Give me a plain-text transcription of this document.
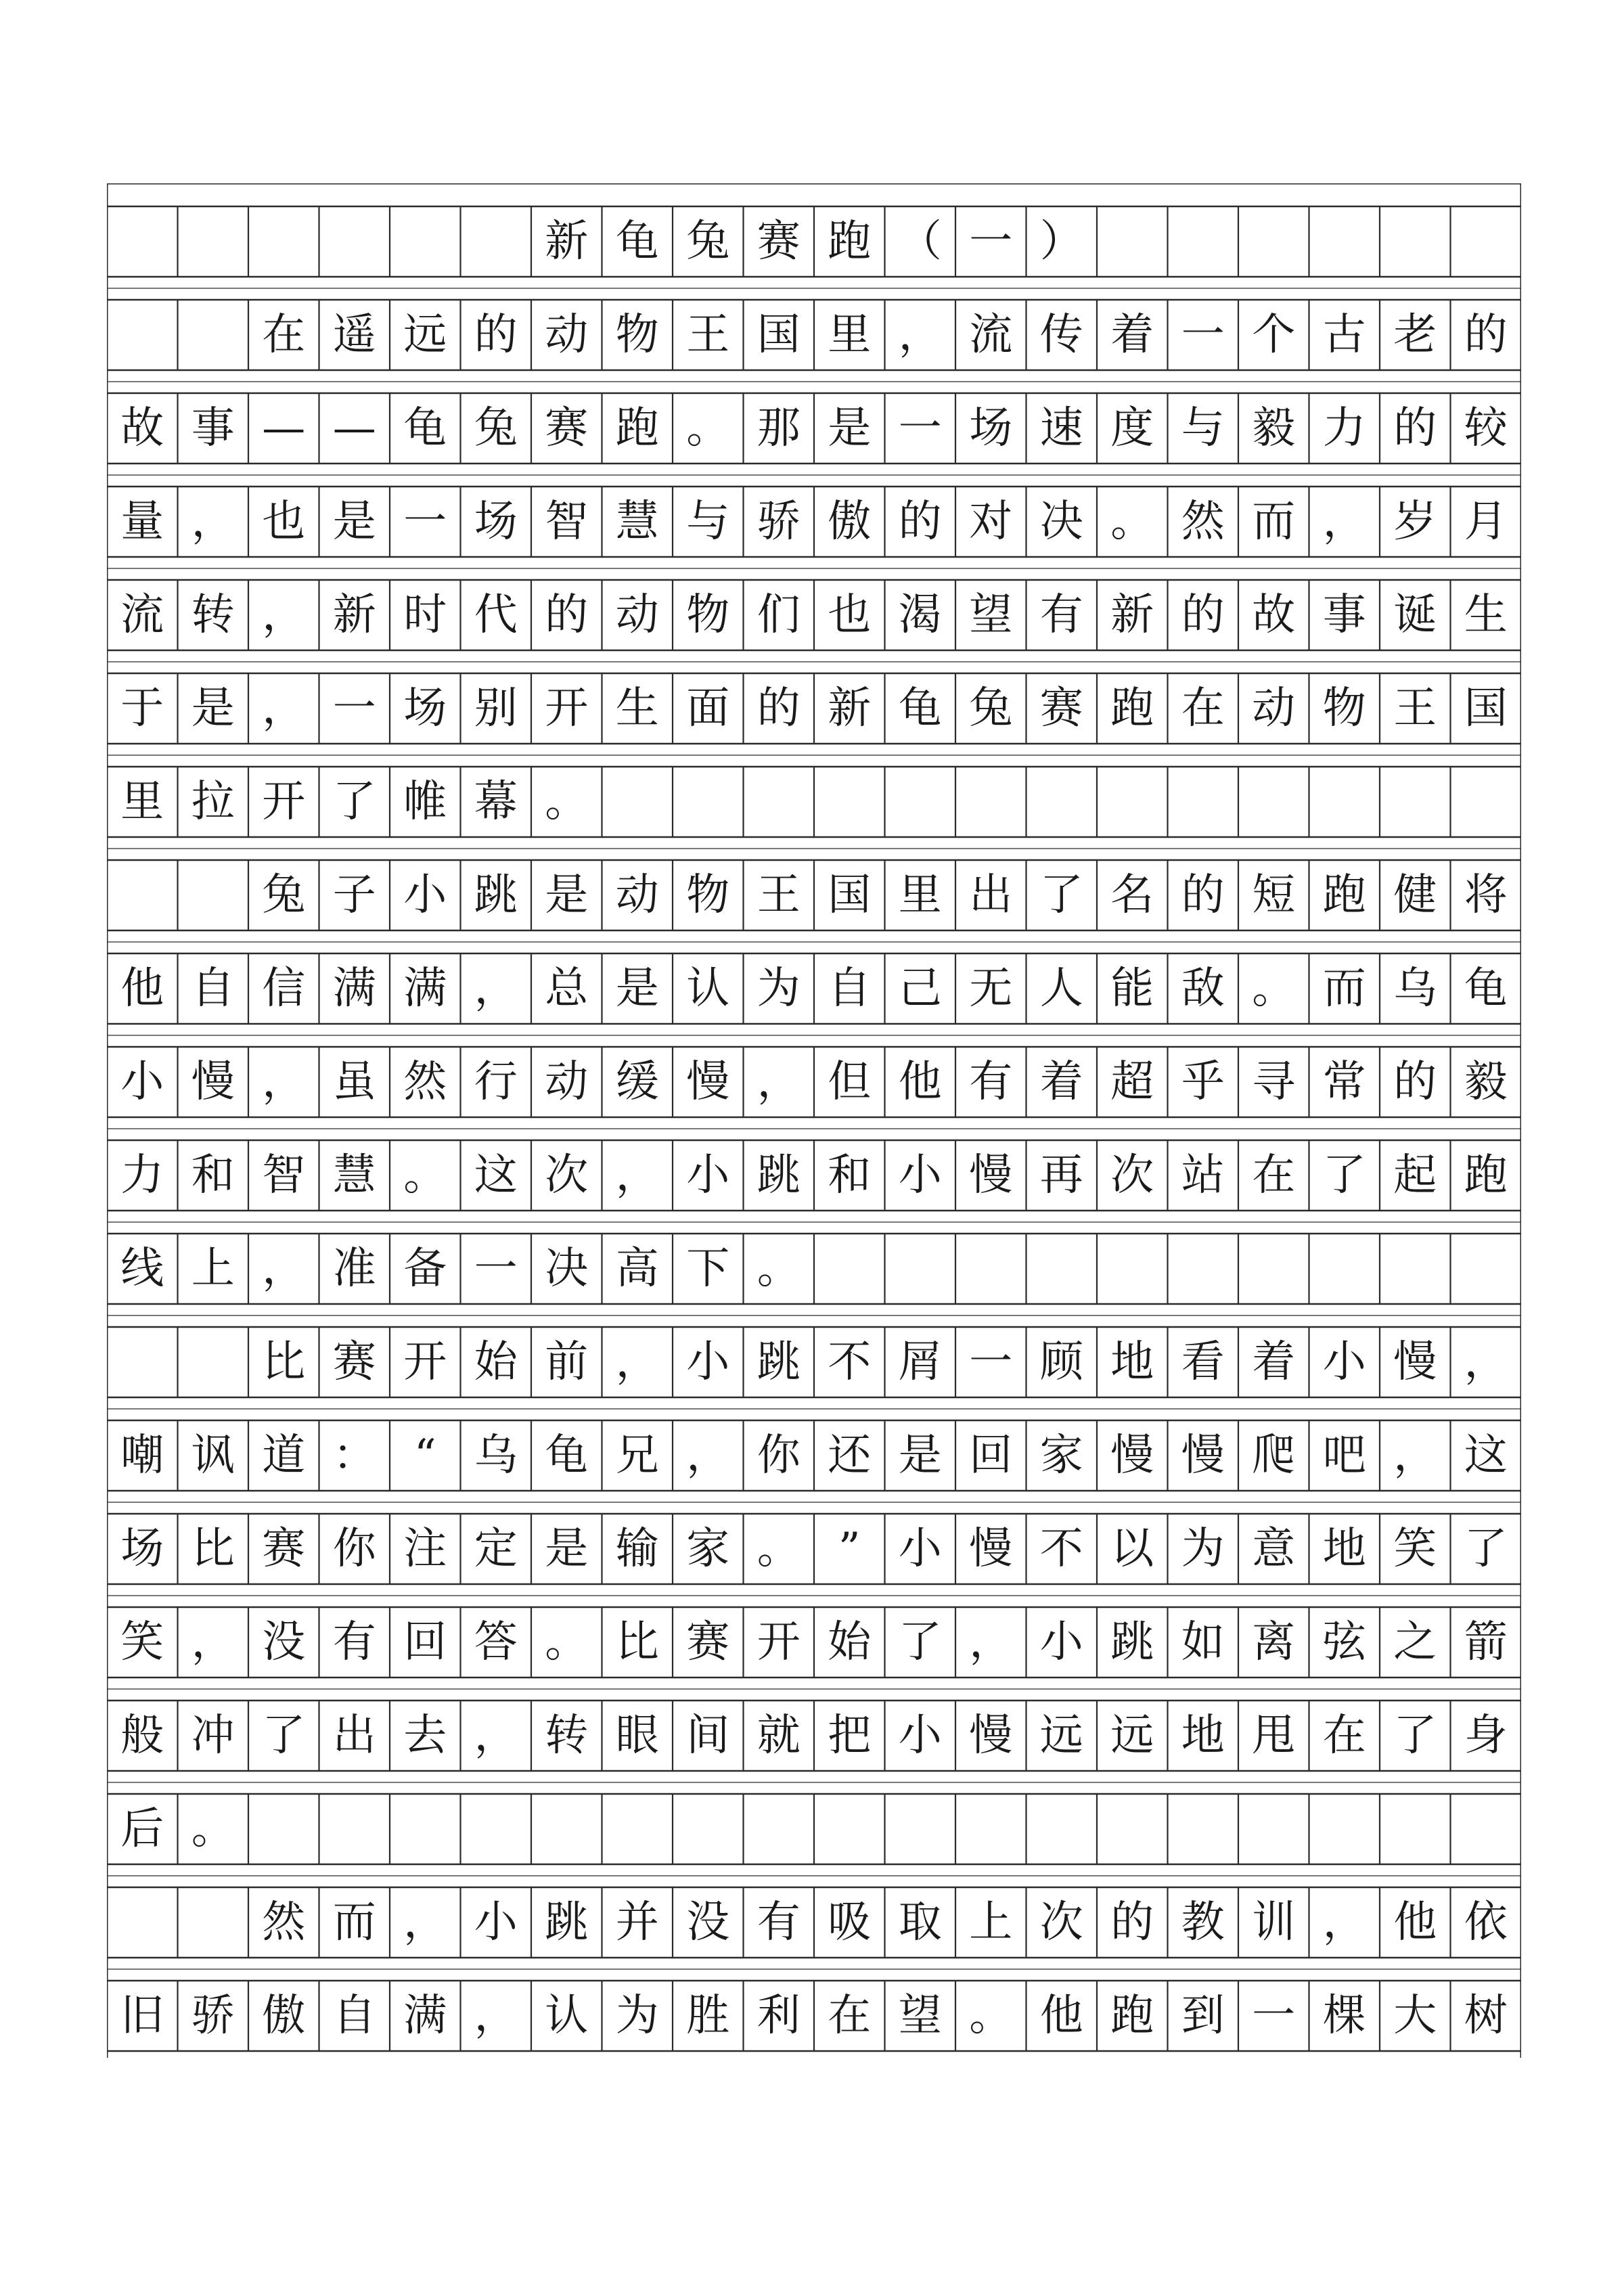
新 龟 兔 赛 跑 （ 一 ）
在 遥 远 的 动 物 王 国 里 ， 流 传 着 一 个 古 老 的
故 事 — — 龟 兔 赛 跑 。 那 是 一 场 速 度 与 毅 力 的 较
量 ， 也 是 一 场 智 慧 与 骄 傲 的 对 决 。 然 而 ， 岁 月
流 转 ， 新 时 代 的 动 物 们 也 渴 望 有 新 的 故 事 诞 生
于 是 ， 一 场 别 开 生 面 的 新 龟 兔 赛 跑 在 动 物 王 国
里 拉 开 了 帷 幕 。
兔 子 小 跳 是 动 物 王 国 里 出 了 名 的 短 跑 健 将
他 自 信 满 满 ， 总 是 认 为 自 己 无 人 能 敌 。 而 乌 龟
小 慢 ， 虽 然 行 动 缓 慢 ， 但 他 有 着 超 乎 寻 常 的 毅
力 和 智 慧 。 这 次 ， 小 跳 和 小 慢 再 次 站 在 了 起 跑
线 上 ， 准 备 一 决 高 下 。
比 赛 开 始 前 ， 小 跳 不 屑 一 顾 地 看 着 小 慢 ，
嘲 讽 道 ： “ 乌 龟 兄 ， 你 还 是 回 家 慢 慢 爬 吧 ， 这
场 比 赛 你 注 定 是 输 家 。 ” 小 慢 不 以 为 意 地 笑 了
笑 ， 没 有 回 答 。 比 赛 开 始 了 ， 小 跳 如 离 弦 之 箭
般 冲 了 出 去 ， 转 眼 间 就 把 小 慢 远 远 地 甩 在 了 身
后 。
然 而 ， 小 跳 并 没 有 吸 取 上 次 的 教 训 ， 他 依
旧 骄 傲 自 满 ， 认 为 胜 利 在 望 。 他 跑 到 一 棵 大 树
